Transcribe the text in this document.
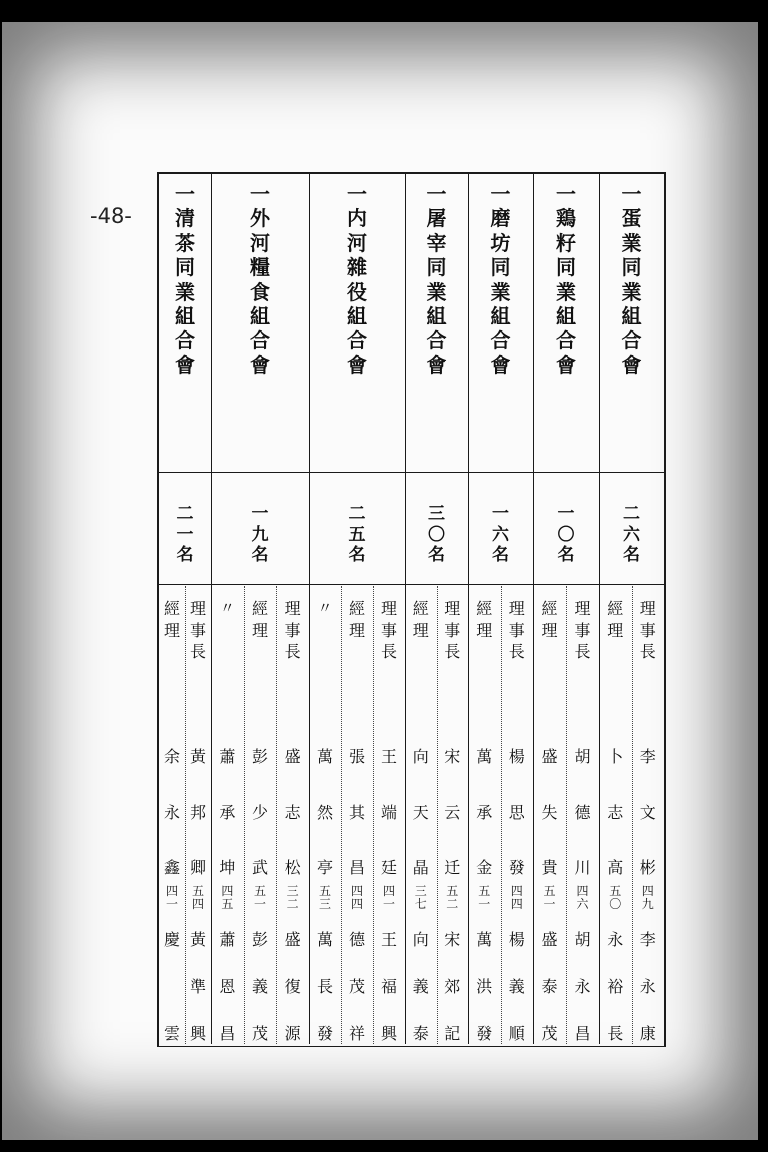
-48-
一
蛋
業
同
業
組
合
會
二
六
名
理
事
長
李
文
彬
四
九
李
永
康
經
理
卜
志
高
五
〇
永
裕
長
一
鶏
籽
同
業
組
合
會
一
〇
名
理
事
長
胡
德
川
四
六
胡
永
昌
經
理
盛
失
貴
五
一
盛
泰
茂
一
磨
坊
同
業
組
合
會
一
六
名
理
事
長
楊
思
發
四
四
楊
義
順
經
理
萬
承
金
五
一
萬
洪
發
一
屠
宰
同
業
組
合
會
三
〇
名
理
事
長
宋
云
迁
五
二
宋
郊
記
經
理
向
天
晶
三
七
向
義
泰
一
内
河
雜
役
組
合
會
二
五
名
理
事
長
王
端
廷
四
一
王
福
興
經
理
張
其
昌
四
四
德
茂
祥
〃
萬
然
亭
五
三
萬
長
發
一
外
河
糧
食
組
合
會
一
九
名
理
事
長
盛
志
松
三
二
盛
復
源
經
理
彭
少
武
五
一
彭
義
茂
〃
蕭
承
坤
四
五
蕭
恩
昌
一
清
茶
同
業
組
合
會
二
一
名
理
事
長
黃
邦
卿
五
四
黃
準
興
經
理
余
永
鑫
四
一
慶
雲
